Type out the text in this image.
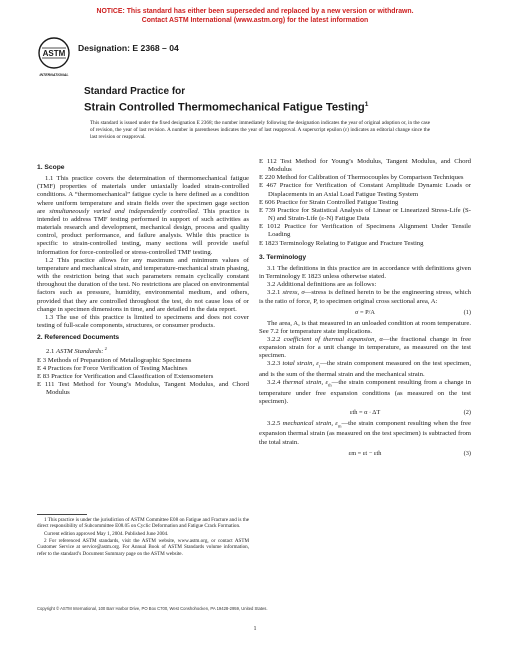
NOTICE: This standard has either been superseded and replaced by a new version or withdrawn.
Contact ASTM International (www.astm.org) for the latest information
ASTM
INTERNATIONAL
Designation: E 2368 – 04
Standard Practice for
Strain Controlled Thermomechanical Fatigue Testing$^1$
This standard is issued under the fixed designation E 2368; the number immediately following the designation indicates the year of original adoption or, in the case of revision, the year of last revision. A number in parentheses indicates the year of last reapproval. A superscript epsilon (ε) indicates an editorial change since the last revision or reapproval.
1. Scope

1.1 This practice covers the determination of thermomechanical fatigue (TMF) properties of materials under uniaxially loaded strain-controlled conditions. A “thermomechanical” fatigue cycle is here defined as a condition where uniform temperature and strain fields over the specimen gage section are simultaneously varied and independently controlled. This practice is intended to address TMF testing performed in support of such activities as materials research and development, mechanical design, process and quality control, product performance, and failure analysis. While this practice is specific to strain-controlled testing, many sections will provide useful information for force-controlled or stress-controlled TMF testing.

1.2 This practice allows for any maximum and minimum values of temperature and mechanical strain, and temperature-mechanical strain phasing, with the restriction being that such parameters remain cyclically constant throughout the duration of the test. No restrictions are placed on environmental factors such as pressure, humidity, environmental medium, and others, provided that they are controlled throughout the test, do not cause loss of or change in specimen dimensions in time, and are detailed in the data report.

1.3 The use of this practice is limited to specimens and does not cover testing of full-scale components, structures, or consumer products.

2. Referenced Documents

2.1 ASTM Standards: $^2$

E 3 Methods of Preparation of Metallographic Specimens

E 4 Practices for Force Verification of Testing Machines

E 83 Practice for Verification and Classification of Extensometers

E 111 Test Method for Young’s Modulus, Tangent Modulus, and Chord Modulus

E 112 Test Method for Young’s Modulus, Tangent Modulus, and Chord Modulus

E 220 Method for Calibration of Thermocouples by Comparison Techniques

E 467 Practice for Verification of Constant Amplitude Dynamic Loads or Displacements in an Axial Load Fatigue Testing System

E 606 Practice for Strain Controlled Fatigue Testing

E 739 Practice for Statistical Analysis of Linear or Linearized Stress-Life (S-N) and Strain-Life (ε-N) Fatigue Data

E 1012 Practice for Verification of Specimens Alignment Under Tensile Loading

E 1823 Terminology Relating to Fatigue and Fracture Testing

3. Terminology

3.1 The definitions in this practice are in accordance with definitions given in Terminology E 1823 unless otherwise stated.

3.2 Additional definitions are as follows:

3.2.1 stress, σ—stress is defined herein to be the engineering stress, which is the ratio of force, P, to specimen original cross sectional area, A:

σ = P/A	(1)

The area, A, is that measured in an unloaded condition at room temperature. See 7.2 for temperature state implications.

3.2.2 coefficient of thermal expansion, α—the fractional change in free expansion strain for a unit change in temperature, as measured on the test specimen.

3.2.3 total strain, $\varepsilon_t—the$ strain component measured on the test specimen, and is the sum of the thermal strain and the mechanical strain.

3.2.4 thermal strain, $\varepsilon_{th}—the$ strain component resulting from a change in temperature under free expansion conditions (as measured on the test specimen).

εth = α · ΔT	(2)

3.2.5 mechanical strain, $\varepsilon_m—the$ strain component resulting when the free expansion thermal strain (as measured on the test specimen) is subtracted from the total strain.

εm = εt − εth	(3)

1 This practice is under the jurisdiction of ASTM Committee E08 on Fatigue and Fracture and is the direct responsibility of Subcommittee E08.05 on Cyclic Deformation and Fatigue Crack Formation.

Current edition approved May 1, 2004. Published June 2004.

2 For referenced ASTM standards, visit the ASTM website, www.astm.org, or contact ASTM Customer Service at service@astm.org. For Annual Book of ASTM Standards volume information, refer to the standard’s Document Summary page on the ASTM website.

Copyright © ASTM International, 100 Barr Harbor Drive, PO Box C700, West Conshohocken, PA 19428-2959, United States.
1
